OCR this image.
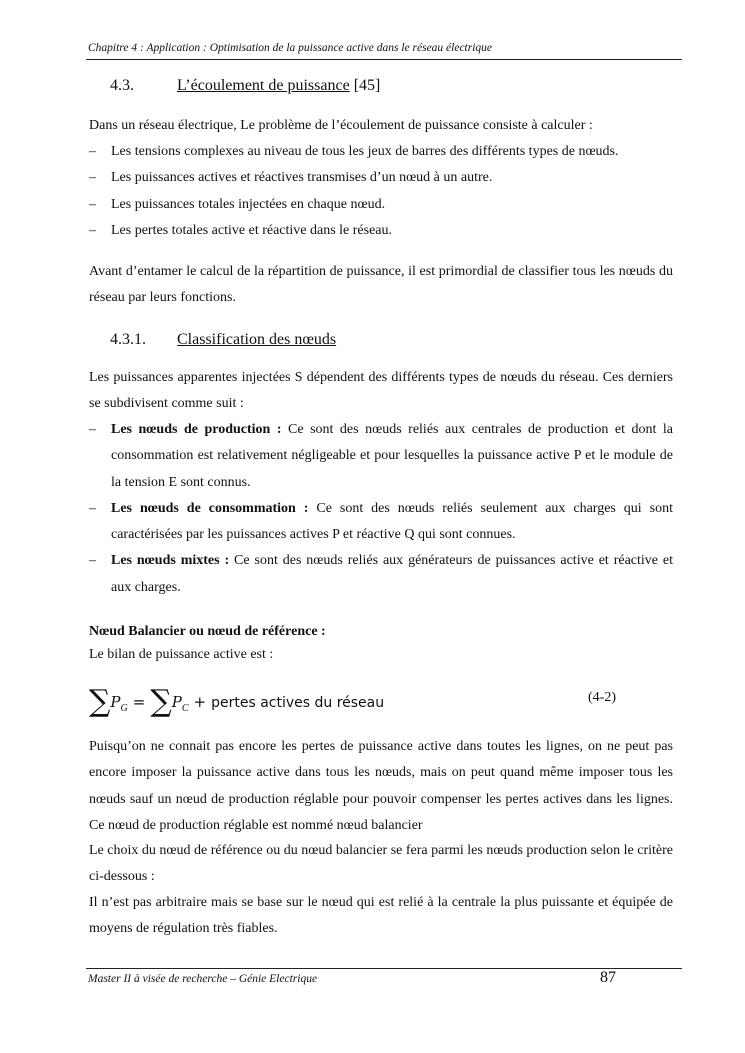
Chapitre 4 : Application : Optimisation de la puissance active dans le réseau électrique
4.3.	L’écoulement de puissance [45]

Dans un réseau électrique, Le problème de l’écoulement de puissance consiste à calculer :

– Les tensions complexes au niveau de tous les jeux de barres des différents types de nœuds.
– Les puissances actives et réactives transmises d’un nœud à un autre.
– Les puissances totales injectées en chaque nœud.
– Les pertes totales active et réactive dans le réseau.

Avant d’entamer le calcul de la répartition de puissance, il est primordial de classifier tous les nœuds du réseau par leurs fonctions.

4.3.1. Classification des nœuds

Les puissances apparentes injectées S dépendent des différents types de nœuds du réseau. Ces derniers se subdivisent comme suit :

– Les nœuds de production : Ce sont des nœuds reliés aux centrales de production et dont la consommation est relativement négligeable et pour lesquelles la puissance active P et le module de la tension E sont connus.
– Les nœuds de consommation : Ce sont des nœuds reliés seulement aux charges qui sont caractérisées par les puissances actives P et réactive Q qui sont connues.
– Les nœuds mixtes : Ce sont des nœuds reliés aux générateurs de puissances active et réactive et aux charges.
Nœud Balancier ou nœud de référence :
Le bilan de puissance active est :
$\sum P_G = \sum P_C$ + pertes actives du réseau	(4-2)

Puisqu’on ne connait pas encore les pertes de puissance active dans toutes les lignes, on ne peut pas encore imposer la puissance active dans tous les nœuds, mais on peut quand même imposer tous les nœuds sauf un nœud de production réglable pour pouvoir compenser les pertes actives dans les lignes. Ce nœud de production réglable est nommé nœud balancier

Le choix du nœud de référence ou du nœud balancier se fera parmi les nœuds production selon le critère ci-dessous :

Il n’est pas arbitraire mais se base sur le nœud qui est relié à la centrale la plus puissante et équipée de moyens de régulation très fiables.

Master II à visée de recherche – Génie Electrique	87
